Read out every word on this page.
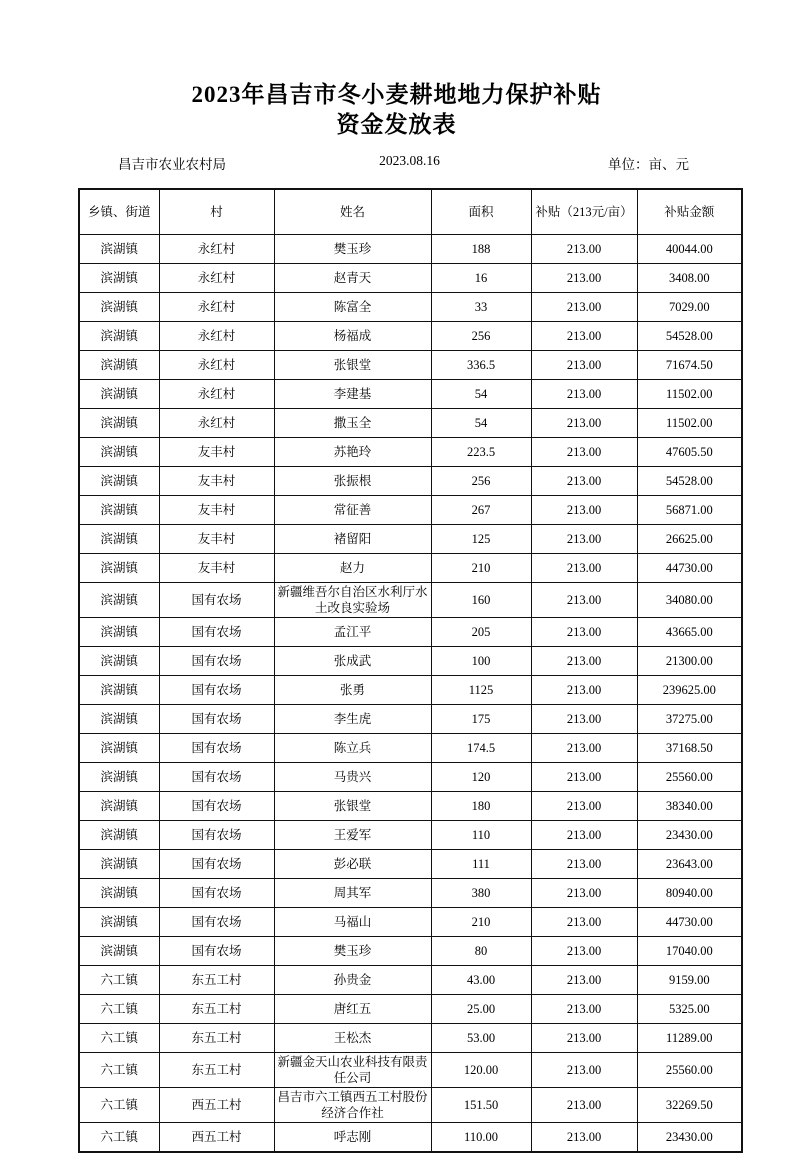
2023年昌吉市冬小麦耕地地力保护补贴
资金发放表
昌吉市农业农村局	2023.08.16	单位：亩、元
乡镇、街道	村	姓名	面积	补贴（213元/亩）	补贴金额
滨湖镇	永红村	樊玉珍	188	213.00	40044.00
滨湖镇	永红村	赵青天	16	213.00	3408.00
滨湖镇	永红村	陈富全	33	213.00	7029.00
滨湖镇	永红村	杨福成	256	213.00	54528.00
滨湖镇	永红村	张银堂	336.5	213.00	71674.50
滨湖镇	永红村	李建基	54	213.00	11502.00
滨湖镇	永红村	撒玉全	54	213.00	11502.00
滨湖镇	友丰村	苏艳玲	223.5	213.00	47605.50
滨湖镇	友丰村	张振根	256	213.00	54528.00
滨湖镇	友丰村	常征善	267	213.00	56871.00
滨湖镇	友丰村	褚留阳	125	213.00	26625.00
滨湖镇	友丰村	赵力	210	213.00	44730.00
滨湖镇	国有农场	新疆维吾尔自治区水利厅水土改良实验场	160	213.00	34080.00
滨湖镇	国有农场	孟江平	205	213.00	43665.00
滨湖镇	国有农场	张成武	100	213.00	21300.00
滨湖镇	国有农场	张勇	1125	213.00	239625.00
滨湖镇	国有农场	李生虎	175	213.00	37275.00
滨湖镇	国有农场	陈立兵	174.5	213.00	37168.50
滨湖镇	国有农场	马贵兴	120	213.00	25560.00
滨湖镇	国有农场	张银堂	180	213.00	38340.00
滨湖镇	国有农场	王爱军	110	213.00	23430.00
滨湖镇	国有农场	彭必联	111	213.00	23643.00
滨湖镇	国有农场	周其军	380	213.00	80940.00
滨湖镇	国有农场	马福山	210	213.00	44730.00
滨湖镇	国有农场	樊玉珍	80	213.00	17040.00
六工镇	东五工村	孙贵金	43.00	213.00	9159.00
六工镇	东五工村	唐红五	25.00	213.00	5325.00
六工镇	东五工村	王松杰	53.00	213.00	11289.00
六工镇	东五工村	新疆金天山农业科技有限责任公司	120.00	213.00	25560.00
六工镇	西五工村	昌吉市六工镇西五工村股份经济合作社	151.50	213.00	32269.50
六工镇	西五工村	呼志刚	110.00	213.00	23430.00
